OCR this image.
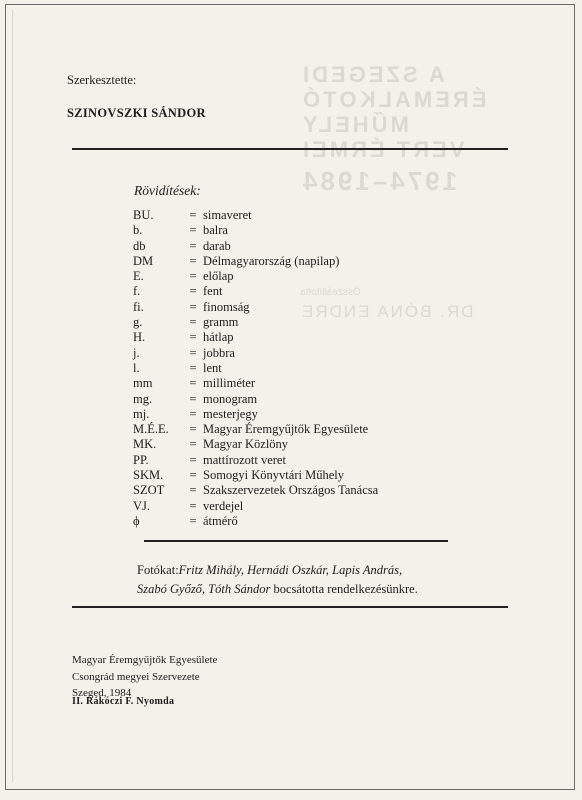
A SZEGEDI
ÉREMALKOTÓ MŰHELY
VERT ÉRMEI
1974–1984
Összeállította
DR. BÓNA ENDRE
Szerkesztette:
SZINOVSZKI SÁNDOR
Rövidítések:
BU.	= simaveret
b.	= balra
db	= darab
DM	= Délmagyarország (napilap)
E.	= előlap
f.	= fent
fi.	= finomság
g.	= gramm
H.	= hátlap
j.	= jobbra
l.	= lent
mm	= milliméter
mg.	= monogram
mj.	= mesterjegy
M.É.E. = Magyar Éremgyűjtők Egyesülete
MK.	= Magyar Közlöny
PP.	= mattírozott veret
SKM. = Somogyi Könyvtári Műhely
SZOT = Szakszervezetek Országos Tanácsa
VJ.	= verdejel
ϕ	= átmérő
Fotókat:Fritz Mihály, Hernádi Oszkár, Lapis András,
Szabó Győző, Tóth Sándor bocsátotta rendelkezésünkre.
Magyar Éremgyűjtők Egyesülete
Csongrád megyei Szervezete
Szeged, 1984
II. Rákóczi F. Nyomda
